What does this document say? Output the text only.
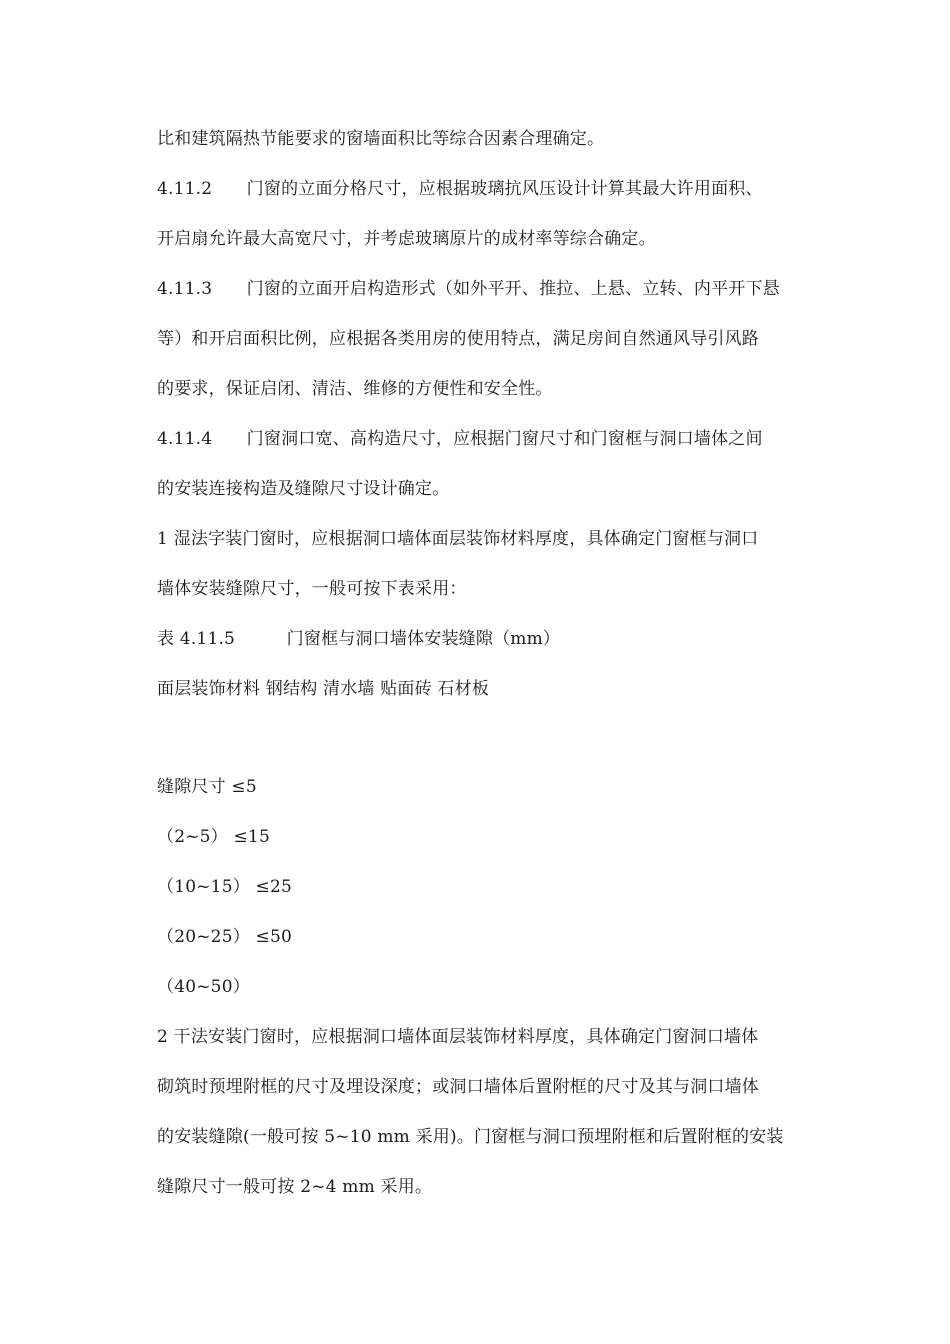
比和建筑隔热节能要求的窗墙面积比等综合因素合理确定。
4.11.2　　门窗的立面分格尺寸，应根据玻璃抗风压设计计算其最大许用面积、
开启扇允许最大高宽尺寸，并考虑玻璃原片的成材率等综合确定。
4.11.3　　门窗的立面开启构造形式（如外平开、推拉、上悬、立转、内平开下悬
等）和开启面积比例，应根据各类用房的使用特点，满足房间自然通风导引风路
的要求，保证启闭、清洁、维修的方便性和安全性。
4.11.4　　门窗洞口宽、高构造尺寸，应根据门窗尺寸和门窗框与洞口墙体之间
的安装连接构造及缝隙尺寸设计确定。
1 湿法字装门窗时，应根据洞口墙体面层装饰材料厚度，具体确定门窗框与洞口
墙体安装缝隙尺寸，一般可按下表采用：
表 4.11.5　　　门窗框与洞口墙体安装缝隙（mm）
面层装饰材料 钢结构 清水墙 贴面砖 石材板
缝隙尺寸 ≤5
（2~5） ≤15
（10~15） ≤25
（20~25） ≤50
（40~50）
2 干法安装门窗时，应根据洞口墙体面层装饰材料厚度，具体确定门窗洞口墙体
砌筑时预埋附框的尺寸及埋设深度；或洞口墙体后置附框的尺寸及其与洞口墙体
的安装缝隙(一般可按 5~10 mm 采用)。门窗框与洞口预埋附框和后置附框的安装
缝隙尺寸一般可按 2~4 mm 采用。
